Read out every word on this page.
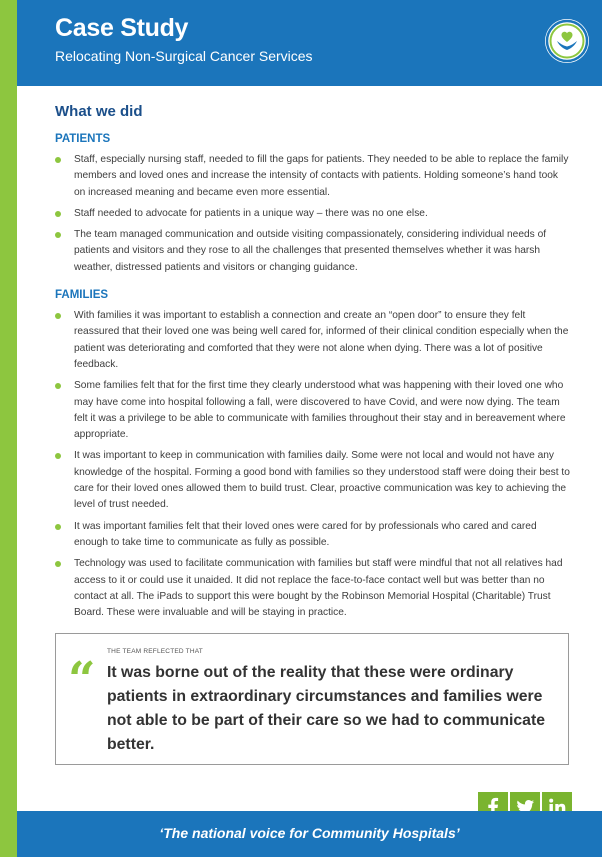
Case Study
Relocating Non-Surgical Cancer Services
What we did
PATIENTS
Staff, especially nursing staff, needed to fill the gaps for patients. They needed to be able to replace the family members and loved ones and increase the intensity of contacts with patients. Holding someone’s hand took on increased meaning and became even more essential.
Staff needed to advocate for patients in a unique way – there was no one else.
The team managed communication and outside visiting compassionately, considering individual needs of patients and visitors and they rose to all the challenges that presented themselves whether it was harsh weather, distressed patients and visitors or changing guidance.
FAMILIES
With families it was important to establish a connection and create an “open door” to ensure they felt reassured that their loved one was being well cared for, informed of their clinical condition especially when the patient was deteriorating and comforted that they were not alone when dying. There was a lot of positive feedback.
Some families felt that for the first time they clearly understood what was happening with their loved one who may have come into hospital following a fall, were discovered to have Covid, and were now dying. The team felt it was a privilege to be able to communicate with families throughout their stay and in bereavement where appropriate.
It was important to keep in communication with families daily. Some were not local and would not have any knowledge of the hospital. Forming a good bond with families so they understood staff were doing their best to care for their loved ones allowed them to build trust. Clear, proactive communication was key to achieving the level of trust needed.
It was important families felt that their loved ones were cared for by professionals who cared and cared enough to take time to communicate as fully as possible.
Technology was used to facilitate communication with families but staff were mindful that not all relatives had access to it or could use it unaided. It did not replace the face-to-face contact well but was better than no contact at all. The iPads to support this were bought by the Robinson Memorial Hospital (Charitable) Trust Board. These were invaluable and will be staying in practice.
THE TEAM REFLECTED THAT
“ It was borne out of the reality that these were ordinary patients in extraordinary circumstances and families were not able to be part of their care so we had to communicate better.
‘The national voice for Community Hospitals’
